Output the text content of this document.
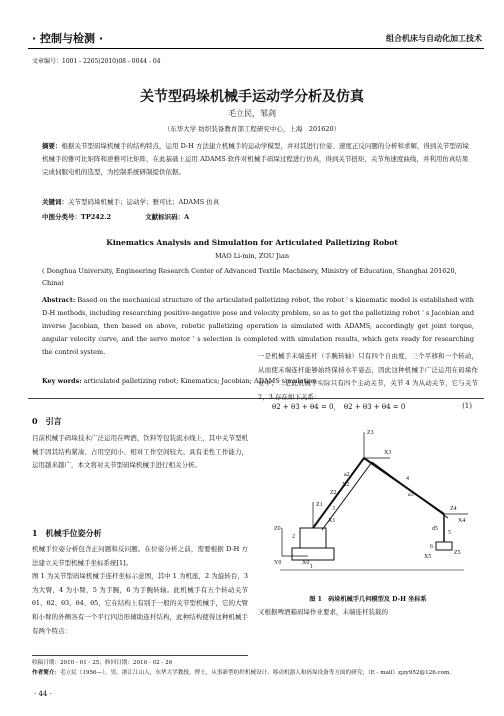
· 控制与检测 ·	组合机床与自动化加工技术
文章编号：1001 - 2265(2010)08 - 0044 - 04
关节型码垛机械手运动学分析及仿真
毛立民，邹剑
（东华大学 纺织装备教育部工程研究中心，上海　201620）
摘要：根据关节型码垛机械手的结构特点，运用 D-H 方法建立机械手的运动学模型，并对其进行位姿、速度正反问题的分析和求解，得到关节型码垛机械手的雅可比矩阵和逆雅可比矩阵，在此基础上运用 ADAMS 软件对机械手码垛过程进行仿真，得到关节扭矩、关节角速度曲线，并利用仿真结果完成伺服电机的选型，为控制系统研制提供依据。
关键词：关节型码垛机械手；运动学；雅可比；ADAMS 仿真
中图分类号：TP242.2	文献标识码：A
Kinematics Analysis and Simulation for Articulated Palletizing Robot
MAO Li-min, ZOU Jian
( Donghua University, Engineering Research Center of Advanced Textile Machinery, Ministry of Education, Shanghai 201620, China)
Abstract: Based on the mechanical structure of the articulated palletizing robot, the robot ' s kinematic model is established with D-H methods, including researching positive-negative pose and velocity problem, so as to get the palletizing robot ' s Jacobian and inverse Jacobian, then based on above, robotic palletizing operation is simulated with ADAMS, accordingly get joint torque, angular velocity curve, and the servo motor ' s selection is completed with simulation results, which gets ready for researching the control system.
Key words: articulated palletizing robot; Kinematics; Jacobian; ADAMS simulation
0　引言
目前机械手码垛技术广泛运用在啤酒、饮料等包装流水线上，其中关节型机械手因其结构紧凑、占用空间小、相对工作空间较大、具有柔性工作能力，运用越来越广，本文将对关节型码垛机械手进行相关分析。
1　机械手位姿分析
机械手位姿分析包含正问题和反问题。在位姿分析之前，需要根据 D-H 方法建立关节型机械手坐标系统[1]。
图 1 为关节型码垛机械手连杆坐标示意图，其中 1 为机座，2 为旋转台，3 为大臂，4 为小臂，5 为手腕，6 为手腕转轴。此机械手有五个转动关节 θ1、θ2、θ3、θ4、θ5，它在结构上有别于一般的关节型机械手，它的大臂和小臂的外侧各有一个平行四边形辅助连杆结构，此种结构使得这种机械手有两个特点：
一是机械手末端连杆（手腕转轴）只有四个自由度，三个平移和一个转动，从而使末端连杆能够始终保持水平姿态，因此这种机械手广泛运用在码垛作业中；二是此机械手实际只有四个主动关节，关节 4 为从动关节，它与关节 2，3 存在如下关系：
θ2 + θ3 + θ4 = 0，　θ2 + θ3 + θ4 = 0	(1)
Z0
X0
Y0
Z1
X1
Z2
X2
Z3
X3
Z4
X4
Z5
X5
1
2
3
4
5
6
a2
a3
d5
图 1　码垛机械手几何模型及 D-H 坐标系
又根据啤酒箱码垛作业要求，末端连杆装载的
收稿日期：2010 - 01 - 25；修回日期：2010 - 02 - 26
作者简介：毛立民（1956—），男，浙江江山人，东华大学教授，博士，从事新型纺织机械设计、移动机器人和码垛设备等方面的研究；（E - mail）zjzy952@126.com。
· 44 ·
